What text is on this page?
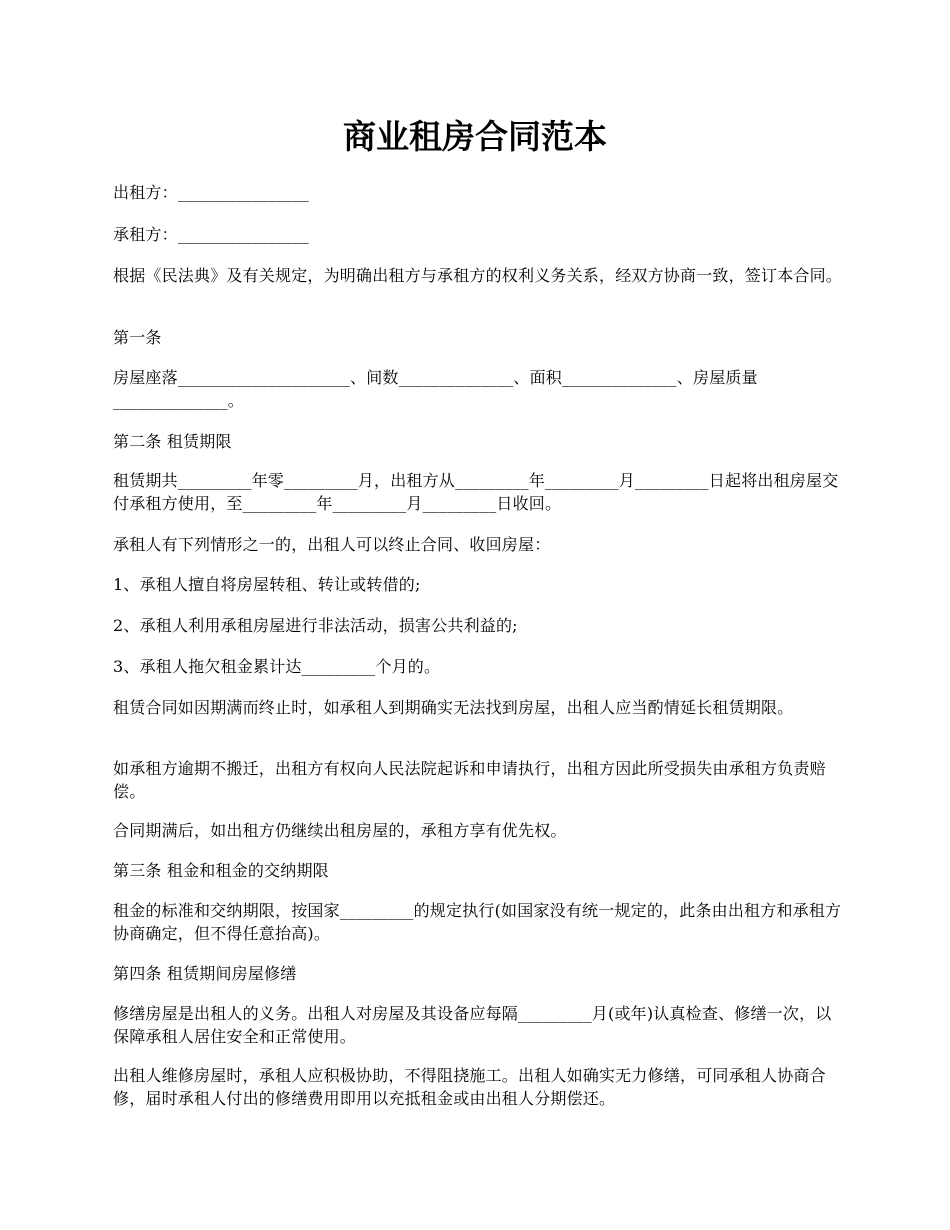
商业租房合同范本

出租方：________________

承租方：________________

根据《民法典》及有关规定，为明确出租方与承租方的权利义务关系，经双方协商一致，签订本合同。

第一条

房屋座落_____________________、间数______________、面积______________、房屋质量______________。

第二条 租赁期限

租赁期共_________年零_________月，出租方从_________年_________月_________日起将出租房屋交付承租方使用，至_________年_________月_________日收回。

承租人有下列情形之一的，出租人可以终止合同、收回房屋：

1、承租人擅自将房屋转租、转让或转借的;

2、承租人利用承租房屋进行非法活动，损害公共利益的;

3、承租人拖欠租金累计达_________个月的。

租赁合同如因期满而终止时，如承租人到期确实无法找到房屋，出租人应当酌情延长租赁期限。

如承租方逾期不搬迁，出租方有权向人民法院起诉和申请执行，出租方因此所受损失由承租方负责赔偿。

合同期满后，如出租方仍继续出租房屋的，承租方享有优先权。

第三条 租金和租金的交纳期限

租金的标准和交纳期限，按国家_________的规定执行(如国家没有统一规定的，此条由出租方和承租方协商确定，但不得任意抬高)。

第四条 租赁期间房屋修缮

修缮房屋是出租人的义务。出租人对房屋及其设备应每隔_________月(或年)认真检查、修缮一次，以保障承租人居住安全和正常使用。

出租人维修房屋时，承租人应积极协助，不得阻挠施工。出租人如确实无力修缮，可同承租人协商合修，届时承租人付出的修缮费用即用以充抵租金或由出租人分期偿还。
